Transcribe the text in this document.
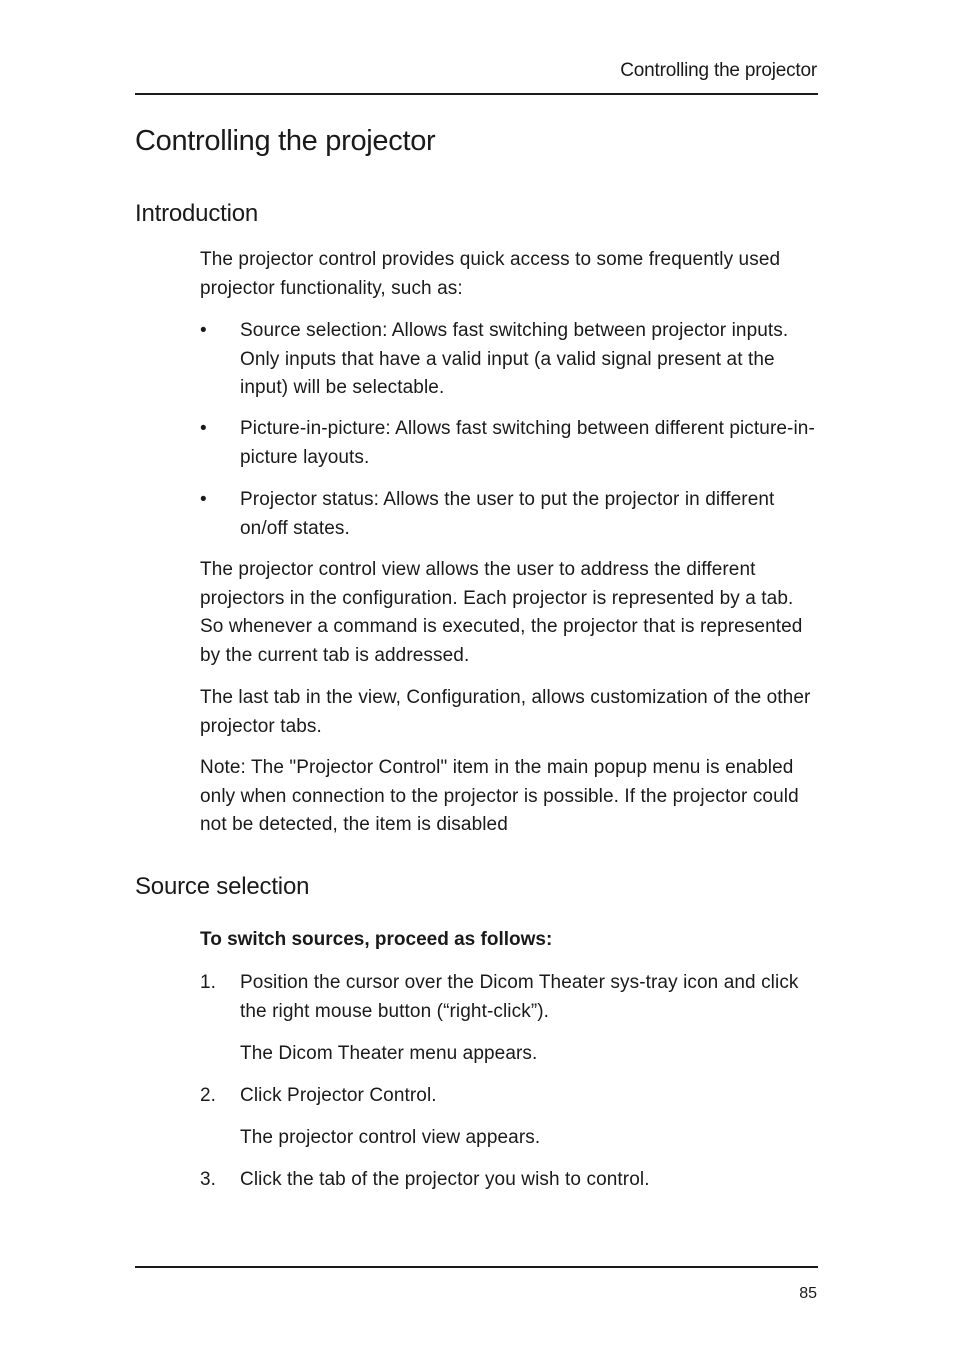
Controlling the projector
Controlling the projector
Introduction

The projector control provides quick access to some frequently used projector functionality, such as:

• Source selection: Allows fast switching between projector inputs. Only inputs that have a valid input (a valid signal present at the input) will be selectable.
• Picture-in-picture: Allows fast switching between different picture-in-picture layouts.
• Projector status: Allows the user to put the projector in different on/off states.

The projector control view allows the user to address the different projectors in the configuration. Each projector is represented by a tab. So whenever a command is executed, the projector that is represented by the current tab is addressed.

The last tab in the view, Configuration, allows customization of the other projector tabs.

Note: The "Projector Control" item in the main popup menu is enabled only when connection to the projector is possible. If the projector could not be detected, the item is disabled

Source selection

To switch sources, proceed as follows:

1. Position the cursor over the Dicom Theater sys-tray icon and click the right mouse button (“right-click”).

The Dicom Theater menu appears.

2. Click Projector Control.

The projector control view appears.

3. Click the tab of the projector you wish to control.
85
